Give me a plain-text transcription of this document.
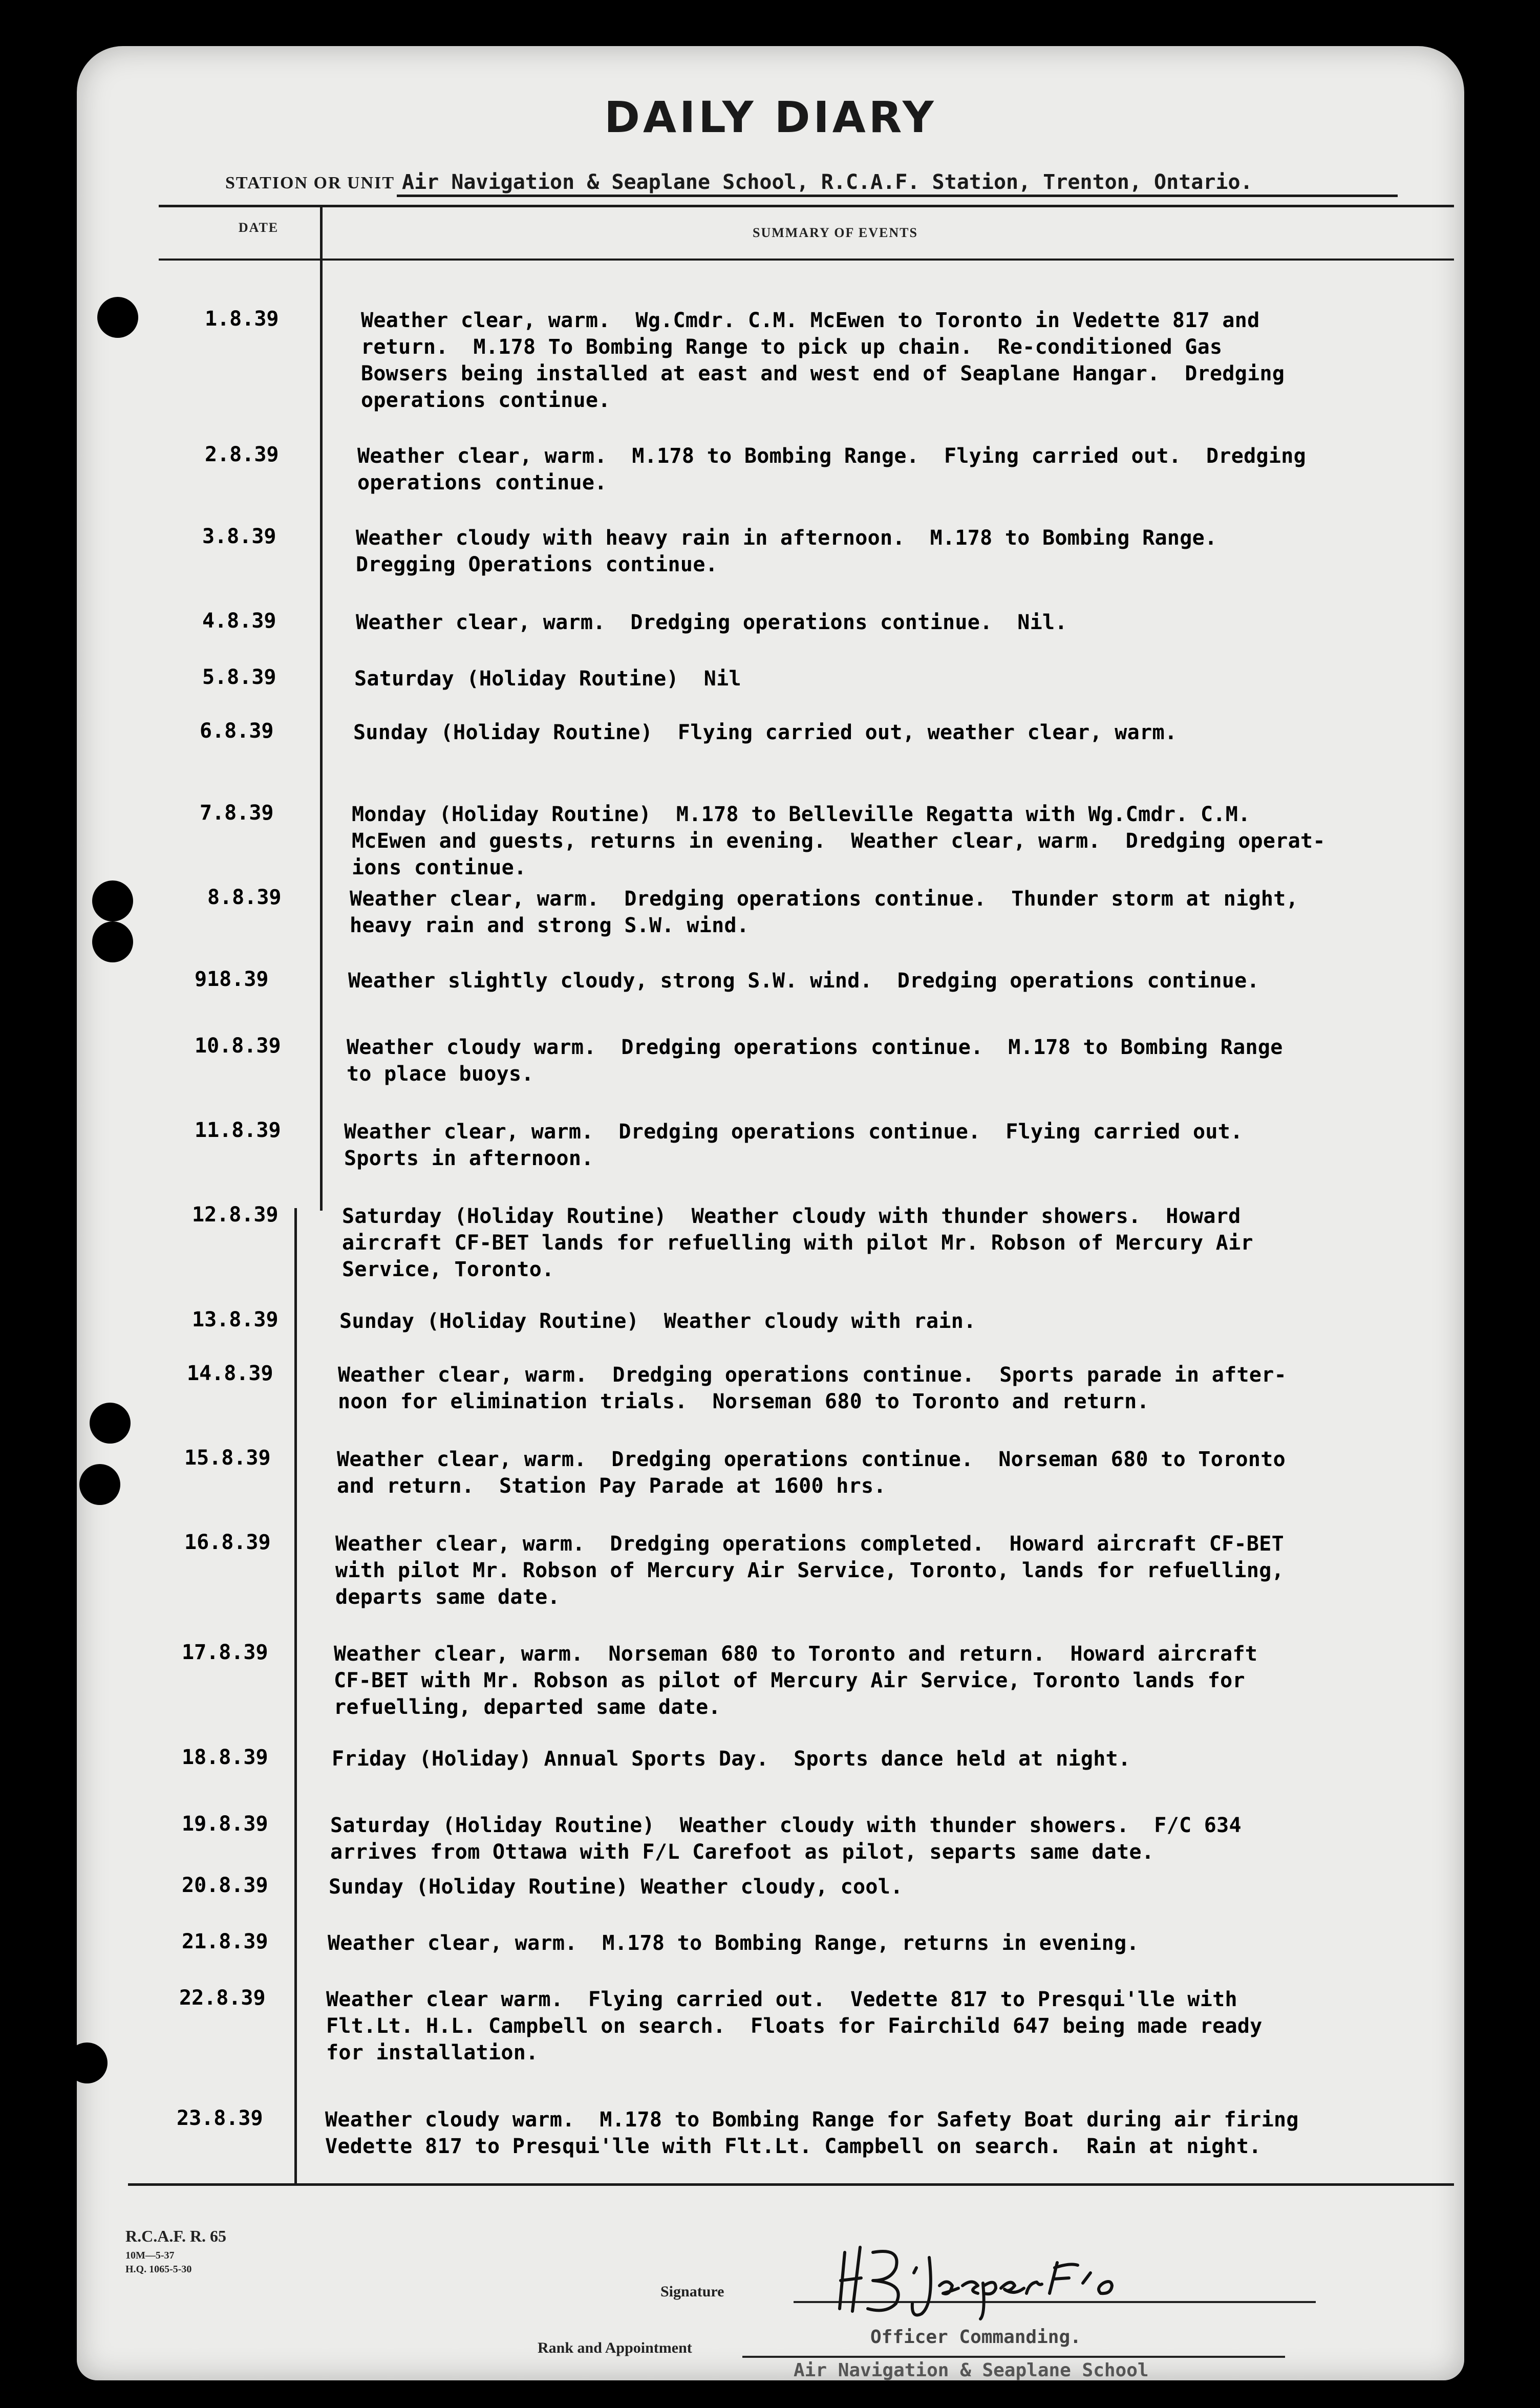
DAILY DIARY
STATION OR UNIT Air Navigation & Seaplane School, R.C.A.F. Station, Trenton, Ontario.
DATE	SUMMARY OF EVENTS
1.8.39	Weather clear, warm.  Wg.Cmdr. C.M. McEwen to Toronto in Vedette 817 and
return.  M.178 To Bombing Range to pick up chain.  Re-conditioned Gas
Bowsers being installed at east and west end of Seaplane Hangar.  Dredging
operations continue.
2.8.39	Weather clear, warm.  M.178 to Bombing Range.  Flying carried out.  Dredging
operations continue.
3.8.39	Weather cloudy with heavy rain in afternoon.  M.178 to Bombing Range.
Dregging Operations continue.
4.8.39	Weather clear, warm.  Dredging operations continue.  Nil.
5.8.39	Saturday (Holiday Routine)  Nil
6.8.39	Sunday (Holiday Routine)  Flying carried out, weather clear, warm.
7.8.39	Monday (Holiday Routine)  M.178 to Belleville Regatta with Wg.Cmdr. C.M.
McEwen and guests, returns in evening.  Weather clear, warm.  Dredging operat-
ions continue.
8.8.39	Weather clear, warm.  Dredging operations continue.  Thunder storm at night,
heavy rain and strong S.W. wind.
918.39	Weather slightly cloudy, strong S.W. wind.  Dredging operations continue.
10.8.39	Weather cloudy warm.  Dredging operations continue.  M.178 to Bombing Range
to place buoys.
11.8.39	Weather clear, warm.  Dredging operations continue.  Flying carried out.
Sports in afternoon.
12.8.39	Saturday (Holiday Routine)  Weather cloudy with thunder showers.  Howard
aircraft CF-BET lands for refuelling with pilot Mr. Robson of Mercury Air
Service, Toronto.
13.8.39	Sunday (Holiday Routine)  Weather cloudy with rain.
14.8.39	Weather clear, warm.  Dredging operations continue.  Sports parade in after-
noon for elimination trials.  Norseman 680 to Toronto and return.
15.8.39	Weather clear, warm.  Dredging operations continue.  Norseman 680 to Toronto
and return.  Station Pay Parade at 1600 hrs.
16.8.39	Weather clear, warm.  Dredging operations completed.  Howard aircraft CF-BET
with pilot Mr. Robson of Mercury Air Service, Toronto, lands for refuelling,
departs same date.
17.8.39	Weather clear, warm.  Norseman 680 to Toronto and return.  Howard aircraft
CF-BET with Mr. Robson as pilot of Mercury Air Service, Toronto lands for
refuelling, departed same date.
18.8.39	Friday (Holiday) Annual Sports Day.  Sports dance held at night.
19.8.39	Saturday (Holiday Routine)  Weather cloudy with thunder showers.  F/C 634
arrives from Ottawa with F/L Carefoot as pilot, separts same date.
20.8.39	Sunday (Holiday Routine) Weather cloudy, cool.
21.8.39	Weather clear, warm.  M.178 to Bombing Range, returns in evening.
22.8.39	Weather clear warm.  Flying carried out.  Vedette 817 to Presqui'lle with
Flt.Lt. H.L. Campbell on search.  Floats for Fairchild 647 being made ready
for installation.
23.8.39	Weather cloudy warm.  M.178 to Bombing Range for Safety Boat during air firing
Vedette 817 to Presqui'lle with Flt.Lt. Campbell on search.  Rain at night.
R.C.A.F. R. 65
10M—5-37
H.Q. 1065-5-30
Signature
Rank and Appointment
Officer Commanding.
Air Navigation & Seaplane School
